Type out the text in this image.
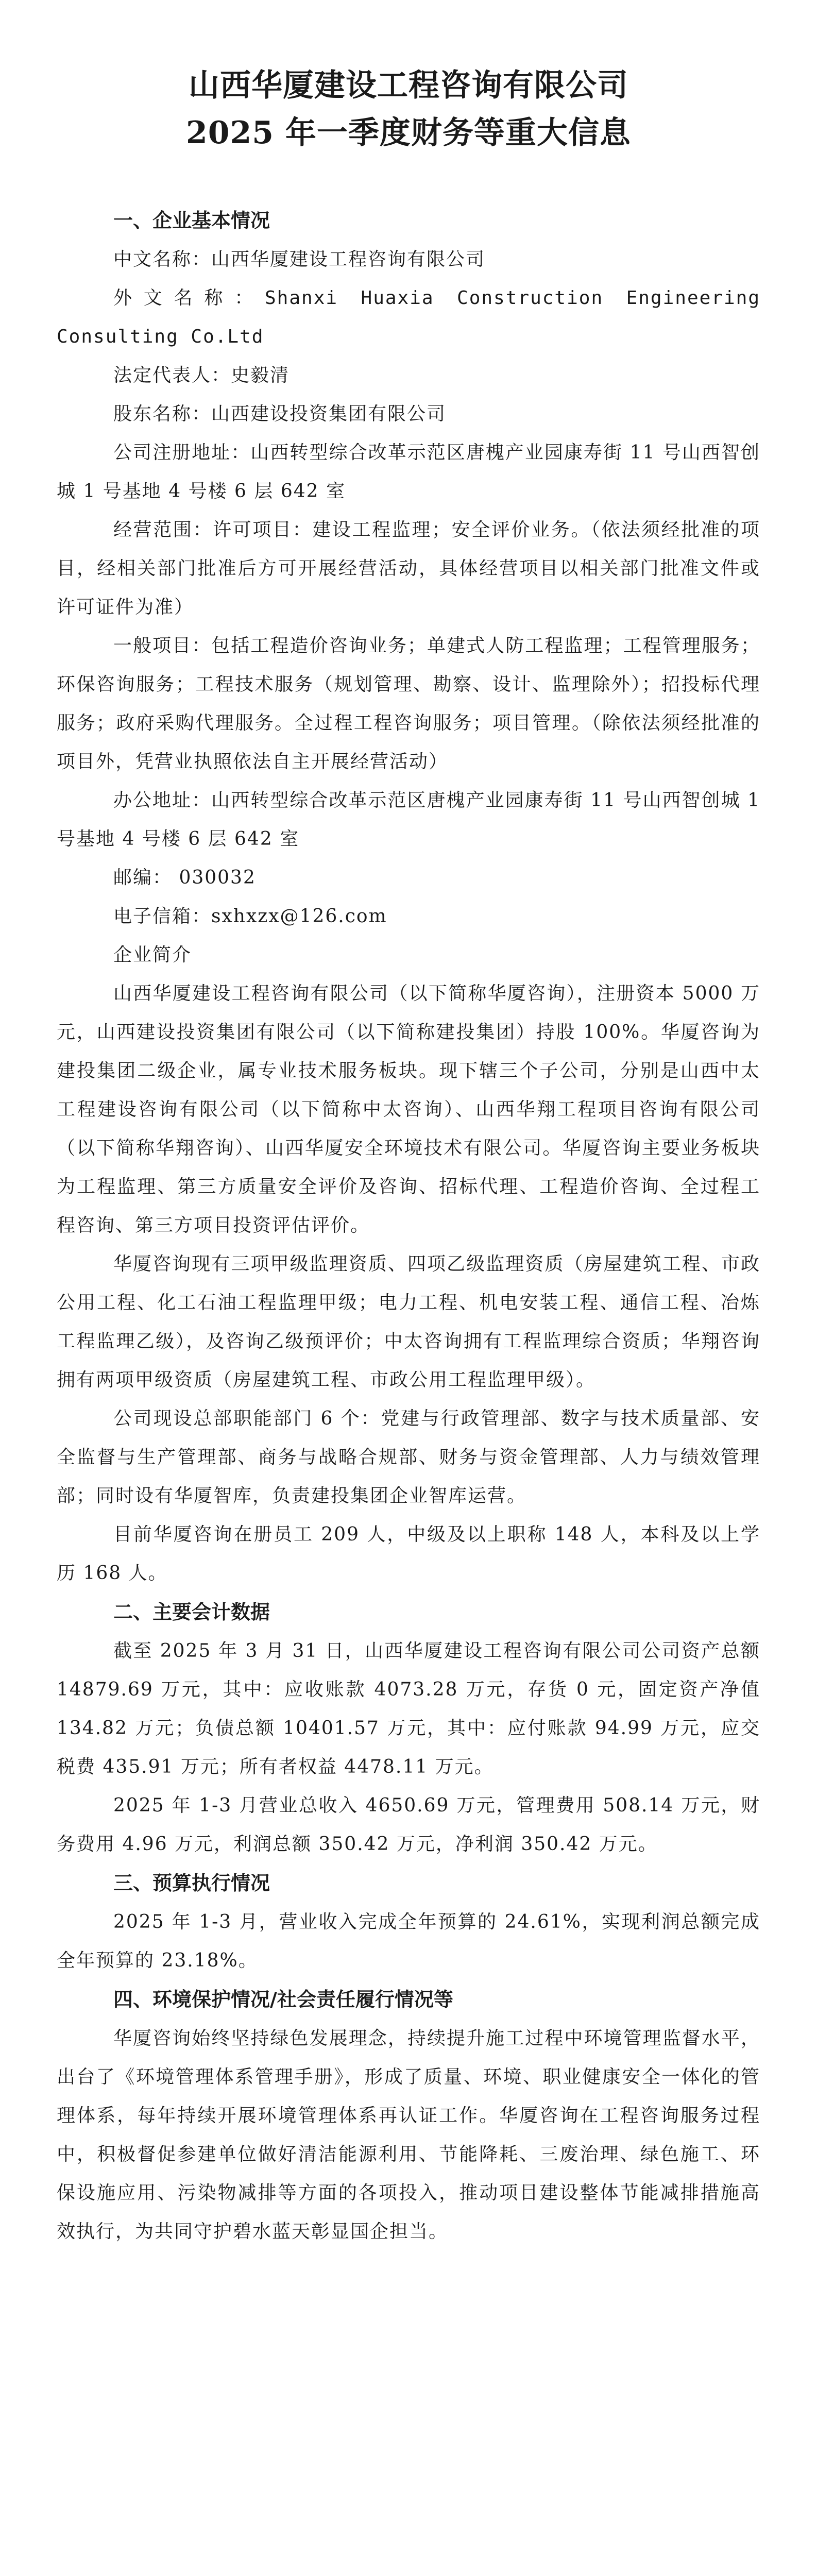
山西华厦建设工程咨询有限公司
2025 年一季度财务等重大信息
一、企业基本情况
中文名称：山西华厦建设工程咨询有限公司
外文名称：Shanxi Huaxia Construction Engineering Consulting Co.Ltd
法定代表人：史毅清
股东名称：山西建设投资集团有限公司
公司注册地址：山西转型综合改革示范区唐槐产业园康寿街 11 号山西智创城 1 号基地 4 号楼 6 层 642 室
经营范围：许可项目：建设工程监理；安全评价业务。（依法须经批准的项目，经相关部门批准后方可开展经营活动，具体经营项目以相关部门批准文件或许可证件为准）
一般项目：包括工程造价咨询业务；单建式人防工程监理；工程管理服务；环保咨询服务；工程技术服务（规划管理、勘察、设计、监理除外）；招投标代理服务；政府采购代理服务。全过程工程咨询服务；项目管理。（除依法须经批准的项目外，凭营业执照依法自主开展经营活动）
办公地址：山西转型综合改革示范区唐槐产业园康寿街 11 号山西智创城 1 号基地 4 号楼 6 层 642 室
邮编： 030032
电子信箱：sxhxzx@126.com
企业简介
山西华厦建设工程咨询有限公司（以下简称华厦咨询），注册资本 5000 万元，山西建设投资集团有限公司（以下简称建投集团）持股 100%。华厦咨询为建投集团二级企业，属专业技术服务板块。现下辖三个子公司，分别是山西中太工程建设咨询有限公司（以下简称中太咨询）、山西华翔工程项目咨询有限公司（以下简称华翔咨询）、山西华厦安全环境技术有限公司。华厦咨询主要业务板块为工程监理、第三方质量安全评价及咨询、招标代理、工程造价咨询、全过程工程咨询、第三方项目投资评估评价。
华厦咨询现有三项甲级监理资质、四项乙级监理资质（房屋建筑工程、市政公用工程、化工石油工程监理甲级；电力工程、机电安装工程、通信工程、冶炼工程监理乙级），及咨询乙级预评价；中太咨询拥有工程监理综合资质；华翔咨询拥有两项甲级资质（房屋建筑工程、市政公用工程监理甲级）。
公司现设总部职能部门 6 个：党建与行政管理部、数字与技术质量部、安全监督与生产管理部、商务与战略合规部、财务与资金管理部、人力与绩效管理部；同时设有华厦智库，负责建投集团企业智库运营。
目前华厦咨询在册员工 209 人，中级及以上职称 148 人，本科及以上学历 168 人。
二、主要会计数据
截至 2025 年 3 月 31 日，山西华厦建设工程咨询有限公司公司资产总额 14879.69 万元，其中：应收账款 4073.28 万元，存货 0 元，固定资产净值 134.82 万元；负债总额 10401.57 万元，其中：应付账款 94.99 万元，应交税费 435.91 万元；所有者权益 4478.11 万元。
2025 年 1-3 月营业总收入 4650.69 万元，管理费用 508.14 万元，财务费用 4.96 万元，利润总额 350.42 万元，净利润 350.42 万元。
三、预算执行情况
2025 年 1-3 月，营业收入完成全年预算的 24.61%，实现利润总额完成全年预算的 23.18%。
四、环境保护情况/社会责任履行情况等
华厦咨询始终坚持绿色发展理念，持续提升施工过程中环境管理监督水平，出台了《环境管理体系管理手册》，形成了质量、环境、职业健康安全一体化的管理体系，每年持续开展环境管理体系再认证工作。华厦咨询在工程咨询服务过程中，积极督促参建单位做好清洁能源利用、节能降耗、三废治理、绿色施工、环保设施应用、污染物减排等方面的各项投入，推动项目建设整体节能减排措施高效执行，为共同守护碧水蓝天彰显国企担当。
